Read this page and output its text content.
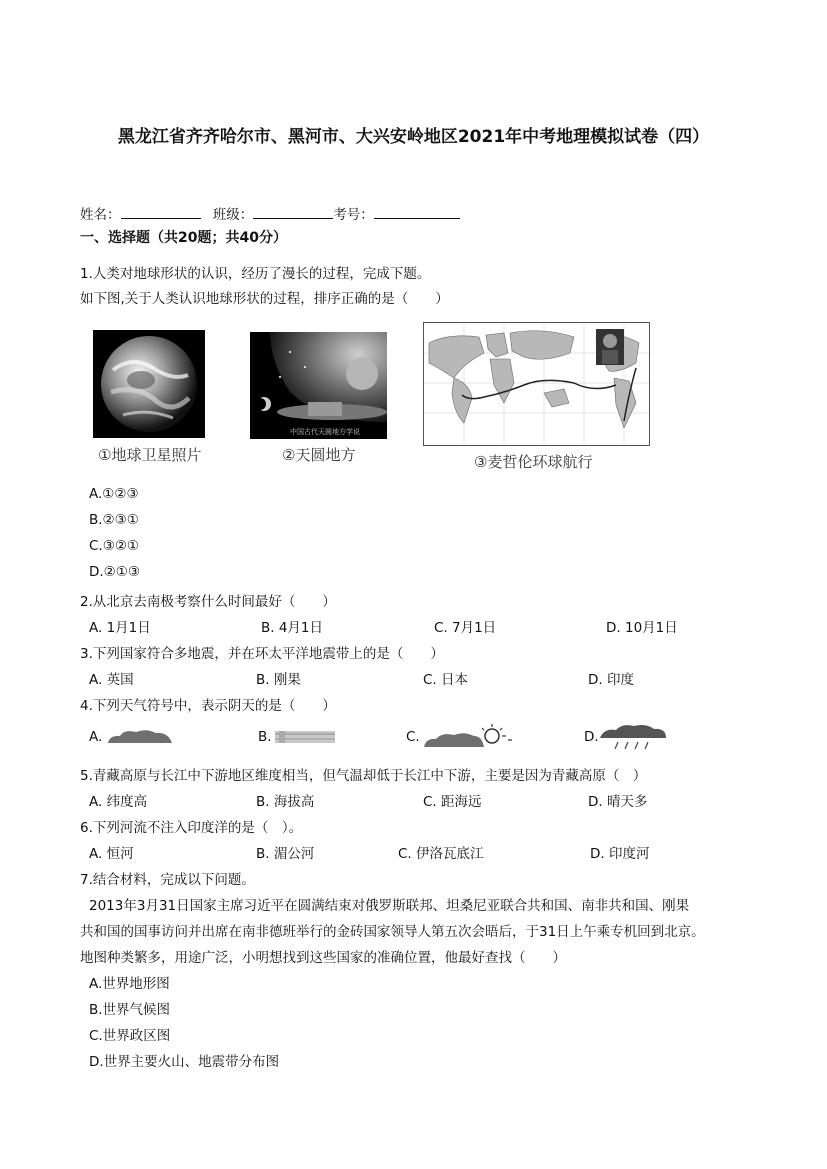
黑龙江省齐齐哈尔市、黑河市、大兴安岭地区2021年中考地理模拟试卷（四）
姓名：	班级：	考号：
一、选择题（共20题；共40分）
1.人类对地球形状的认识，经历了漫长的过程，完成下题。
如下图,关于人类认识地球形状的过程，排序正确的是（　　）
①地球卫星照片
中国古代天圆地方学说
②天圆地方	③麦哲伦环球航行
A.①②③
B.②③①
C.③②①
D.②①③
2.从北京去南极考察什么时间最好（　　）
A. 1月1日	B. 4月1日	C. 7月1日	D. 10月1日
3.下列国家符合多地震，并在环太平洋地震带上的是（　　）
A. 英国	B. 刚果	C. 日本	D. 印度
4.下列天气符号中，表示阴天的是（　　）
A.	B.	C.	D.
5.青藏高原与长江中下游地区维度相当，但气温却低于长江中下游，主要是因为青藏高原（　）
A. 纬度高	B. 海拔高	C. 距海远	D. 晴天多
6.下列河流不注入印度洋的是（　）。
A. 恒河	B. 湄公河	C. 伊洛瓦底江	D. 印度河
7.结合材料，完成以下问题。
2013年3月31日国家主席习近平在圆满结束对俄罗斯联邦、坦桑尼亚联合共和国、南非共和国、刚果
共和国的国事访问并出席在南非德班举行的金砖国家领导人第五次会晤后，于31日上午乘专机回到北京。
地图种类繁多，用途广泛，小明想找到这些国家的准确位置，他最好查找（　　）
A.世界地形图
B.世界气候图
C.世界政区图
D.世界主要火山、地震带分布图
